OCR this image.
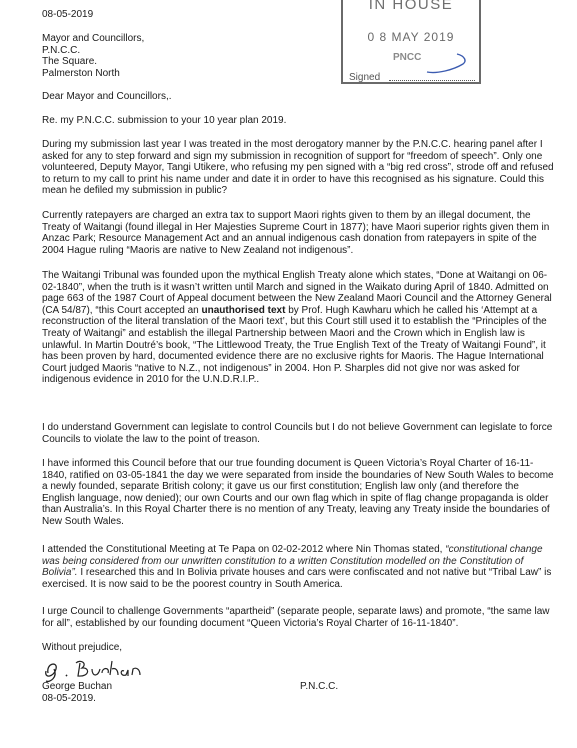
IN HOUSE
0 8 MAY 2019
PNCC
Signed
08-05-2019
Mayor and Councillors,
P.N.C.C.
The Square.
Palmerston North
Dear Mayor and Councillors,.
Re. my P.N.C.C. submission to your 10 year plan 2019.

During my submission last year I was treated in the most derogatory manner by the P.N.C.C. hearing panel after I asked for any to step forward and sign my submission in recognition of support for “freedom of speech”. Only one volunteered, Deputy Mayor, Tangi Utikere, who refusing my pen signed with a “big red cross”, strode off and refused to return to my call to print his name under and date it in order to have this recognised as his signature. Could this mean he defiled my submission in public?

Currently ratepayers are charged an extra tax to support Maori rights given to them by an illegal document, the Treaty of Waitangi (found illegal in Her Majesties Supreme Court in 1877); have Maori superior rights given them in Anzac Park; Resource Management Act and an annual indigenous cash donation from ratepayers in spite of the 2004 Hague ruling “Maoris are native to New Zealand not indigenous”.

The Waitangi Tribunal was founded upon the mythical English Treaty alone which states, “Done at Waitangi on 06-02-1840”, when the truth is it wasn’t written until March and signed in the Waikato during April of 1840. Admitted on page 663 of the 1987 Court of Appeal document between the New Zealand Maori Council and the Attorney General (CA 54/87), “this Court accepted an unauthorised text by Prof. Hugh Kawharu which he called his ‘Attempt at a reconstruction of the literal translation of the Maori text’, but this Court still used it to establish the “Principles of the Treaty of Waitangi” and establish the illegal Partnership between Maori and the Crown which in English law is unlawful. In Martin Doutré’s book, “The Littlewood Treaty, the True English Text of the Treaty of Waitangi Found”, it has been proven by hard, documented evidence there are no exclusive rights for Maoris. The Hague International Court judged Maoris “native to N.Z., not indigenous” in 2004. Hon P. Sharples did not give nor was asked for indigenous evidence in 2010 for the U.N.D.R.I.P..

I do understand Government can legislate to control Councils but I do not believe Government can legislate to force Councils to violate the law to the point of treason.

I have informed this Council before that our true founding document is Queen Victoria’s Royal Charter of 16-11-1840, ratified on 03-05-1841 the day we were separated from inside the boundaries of New South Wales to become a newly founded, separate British colony; it gave us our first constitution; English law only (and therefore the English language, now denied); our own Courts and our own flag which in spite of flag change propaganda is older than Australia’s. In this Royal Charter there is no mention of any Treaty, leaving any Treaty inside the boundaries of New South Wales.

I attended the Constitutional Meeting at Te Papa on 02-02-2012 where Nin Thomas stated, “constitutional change was being considered from our unwritten constitution to a written Constitution modelled on the Constitution of Bolivia”. I researched this and In Bolivia private houses and cars were confiscated and not native but “Tribal Law” is exercised. It is now said to be the poorest country in South America.

I urge Council to challenge Governments “apartheid” (separate people, separate laws) and promote, “the same law for all”, established by our founding document “Queen Victoria’s Royal Charter of 16-11-1840”.

Without prejudice,
George Buchan	P.N.C.C.
08-05-2019.
